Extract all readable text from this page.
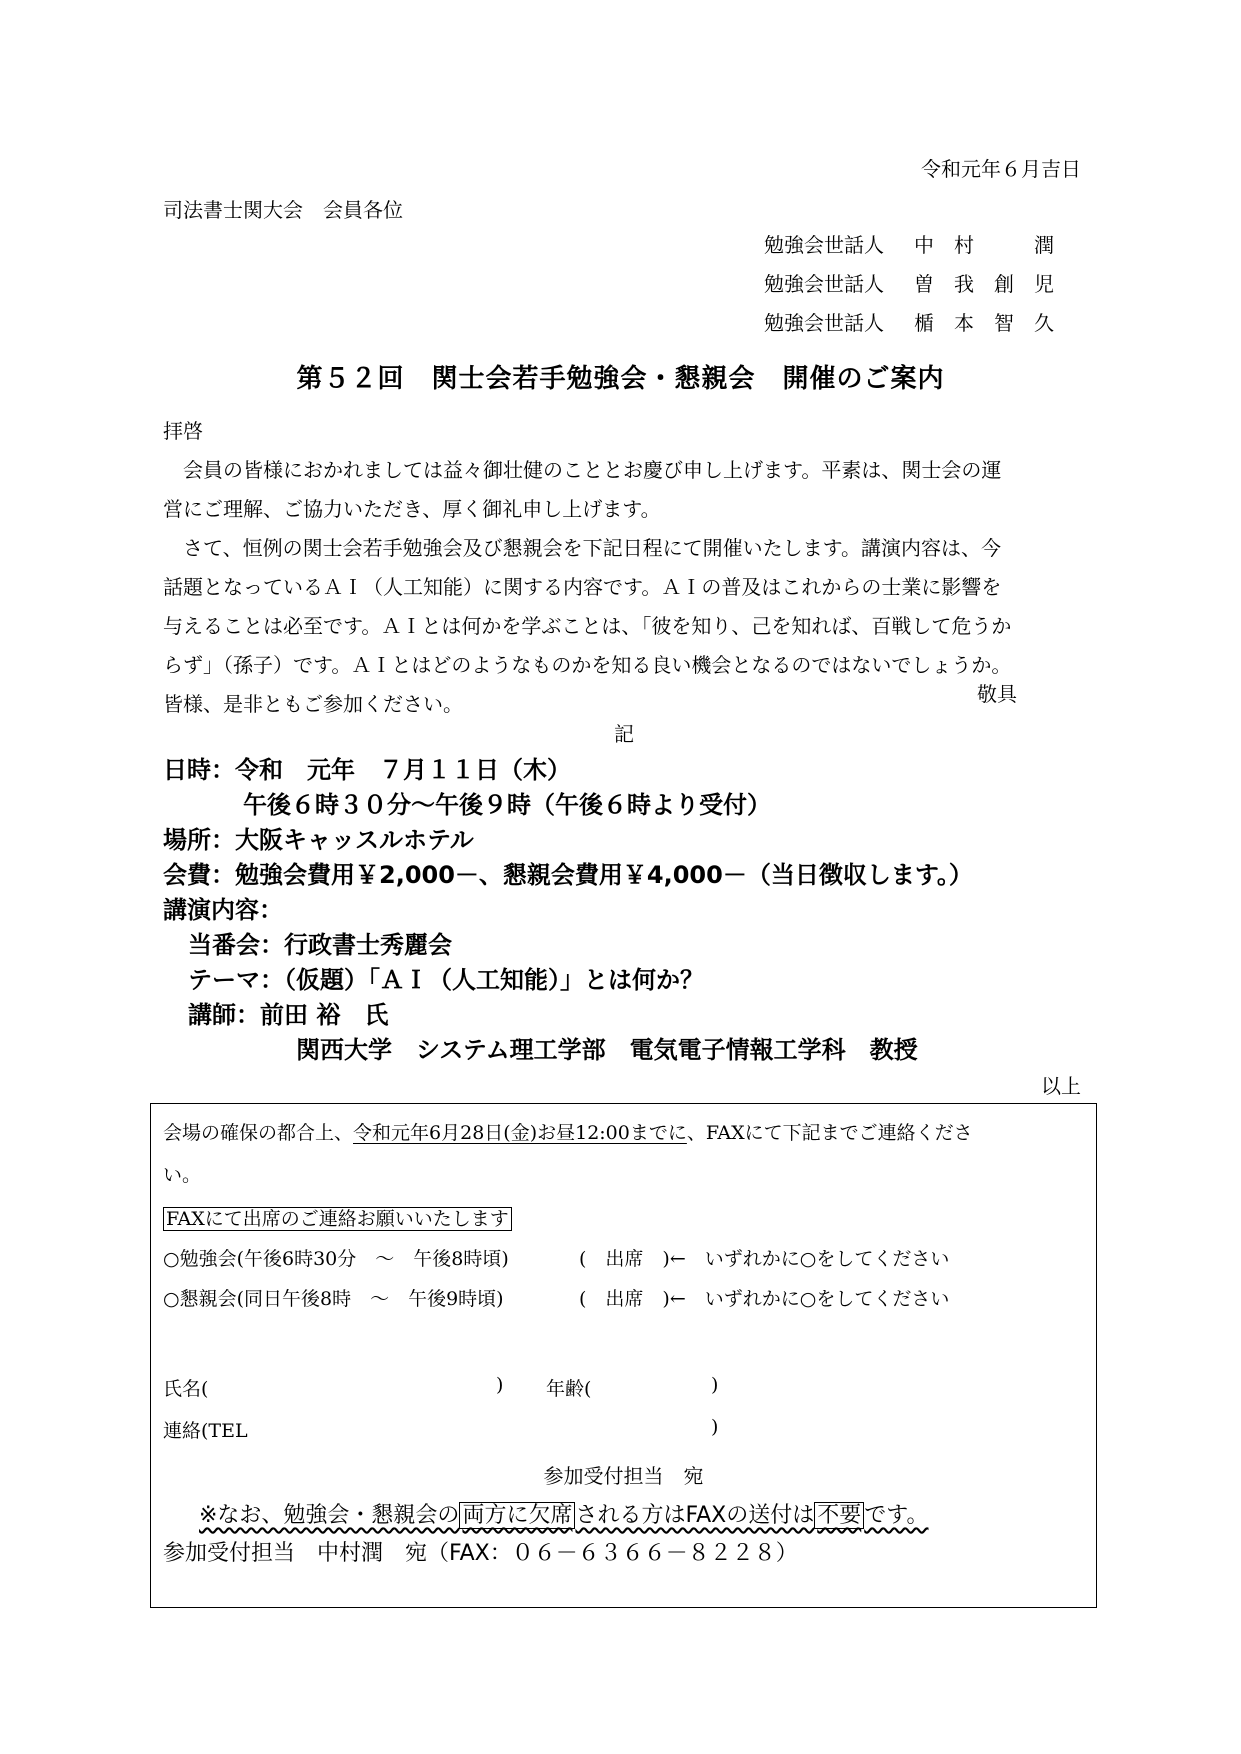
令和元年６月吉日
司法書士関大会　会員各位
勉強会世話人	中　村　　　潤
勉強会世話人	曽　我　創　児
勉強会世話人	楯　本　智　久
第５２回　関士会若手勉強会・懇親会　開催のご案内
拝啓
　会員の皆様におかれましては益々御壮健のこととお慶び申し上げます。平素は、関士会の運
営にご理解、ご協力いただき、厚く御礼申し上げます。
　さて、恒例の関士会若手勉強会及び懇親会を下記日程にて開催いたします。講演内容は、今
話題となっているＡＩ（人工知能）に関する内容です。ＡＩの普及はこれからの士業に影響を
与えることは必至です。ＡＩとは何かを学ぶことは、「彼を知り、己を知れば、百戦して危うか
らず」（孫子）です。ＡＩとはどのようなものかを知る良い機会となるのではないでしょうか。
皆様、是非ともご参加ください。	敬具
記
日時：令和　元年　７月１１日（木）
午後６時３０分～午後９時（午後６時より受付）
場所：大阪キャッスルホテル
会費：勉強会費用￥2,000－、懇親会費用￥4,000－（当日徴収します。）
講演内容：
当番会：行政書士秀麗会
テーマ：（仮題）「ＡＩ（人工知能）」とは何か？
講師：前田 裕　氏
関西大学　システム理工学部　電気電子情報工学科　教授
以上
会場の確保の都合上、令和元年6月28日(金)お昼12:00までに、FAXにて下記までご連絡くださ
い。
FAXにて出席のご連絡お願いいたします
○勉強会(午後6時30分　～　午後8時頃)	(　出席　)←　いずれかに○をしてください
○懇親会(同日午後8時　～　午後9時頃)	(　出席　)←　いずれかに○をしてください
氏名(	) 年齢(	)
連絡(TEL	)
参加受付担当　宛
※なお、勉強会・懇親会の 両方に欠席 される方はFAXの送付は 不要 です。
参加受付担当　中村潤　宛（FAX：０６－６３６６－８２２８）
